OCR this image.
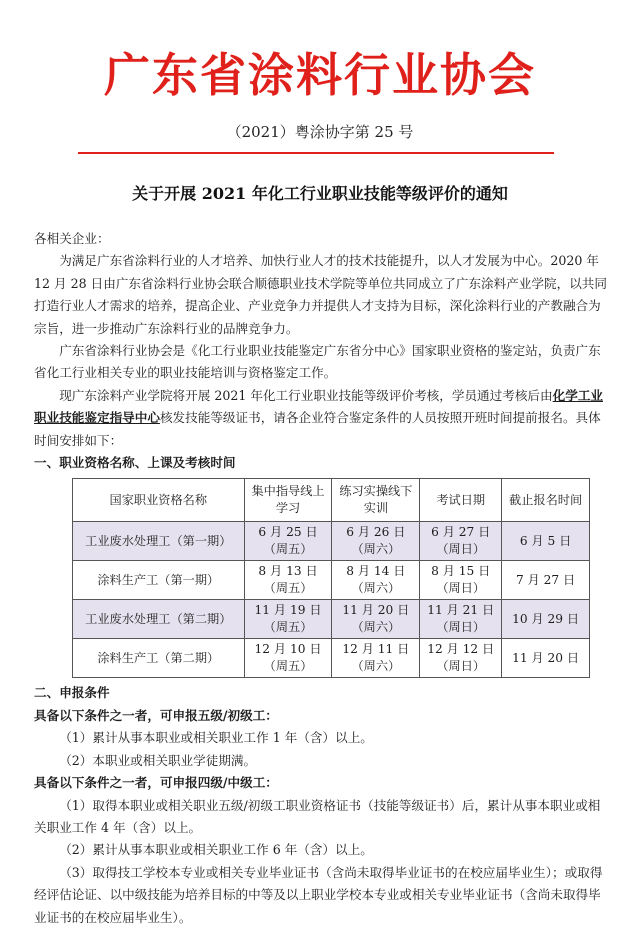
广东省涂料行业协会
（2021）粤涂协字第 25 号
关于开展 2021 年化工行业职业技能等级评价的通知

各相关企业：

为满足广东省涂料行业的人才培养、加快行业人才的技术技能提升，以人才发展为中心。2020 年 12 月 28 日由广东省涂料行业协会联合顺德职业技术学院等单位共同成立了广东涂料产业学院，以共同打造行业人才需求的培养，提高企业、产业竞争力并提供人才支持为目标，深化涂料行业的产教融合为宗旨，进一步推动广东涂料行业的品牌竞争力。

广东省涂料行业协会是《化工行业职业技能鉴定广东省分中心》国家职业资格的鉴定站，负责广东省化工行业相关专业的职业技能培训与资格鉴定工作。

现广东涂料产业学院将开展 2021 年化工行业职业技能等级评价考核，学员通过考核后由化学工业职业技能鉴定指导中心核发技能等级证书，请各企业符合鉴定条件的人员按照开班时间提前报名。具体时间安排如下：

一、职业资格名称、上课及考核时间

国家职业资格名称	集中指导线上学习	练习实操线下实训	考试日期	截止报名时间
工业废水处理工（第一期）	6 月 25 日（周五）	6 月 26 日（周六）	6 月 27 日（周日）	6 月 5 日
涂料生产工（第一期）	8 月 13 日（周五）	8 月 14 日（周六）	8 月 15 日（周日）	7 月 27 日
工业废水处理工（第二期）	11 月 19 日（周五）	11 月 20 日（周六）	11 月 21 日（周日）	10 月 29 日
涂料生产工（第二期）	12 月 10 日（周五）	12 月 11 日（周六）	12 月 12 日（周日）	11 月 20 日

二、申报条件

具备以下条件之一者，可申报五级/初级工：

（1）累计从事本职业或相关职业工作 1 年（含）以上。

（2）本职业或相关职业学徒期满。

具备以下条件之一者，可申报四级/中级工：

（1）取得本职业或相关职业五级/初级工职业资格证书（技能等级证书）后，累计从事本职业或相关职业工作 4 年（含）以上。

（2）累计从事本职业或相关职业工作 6 年（含）以上。

（3）取得技工学校本专业或相关专业毕业证书（含尚未取得毕业证书的在校应届毕业生）；或取得经评估论证、以中级技能为培养目标的中等及以上职业学校本专业或相关专业毕业证书（含尚未取得毕业证书的在校应届毕业生）。
